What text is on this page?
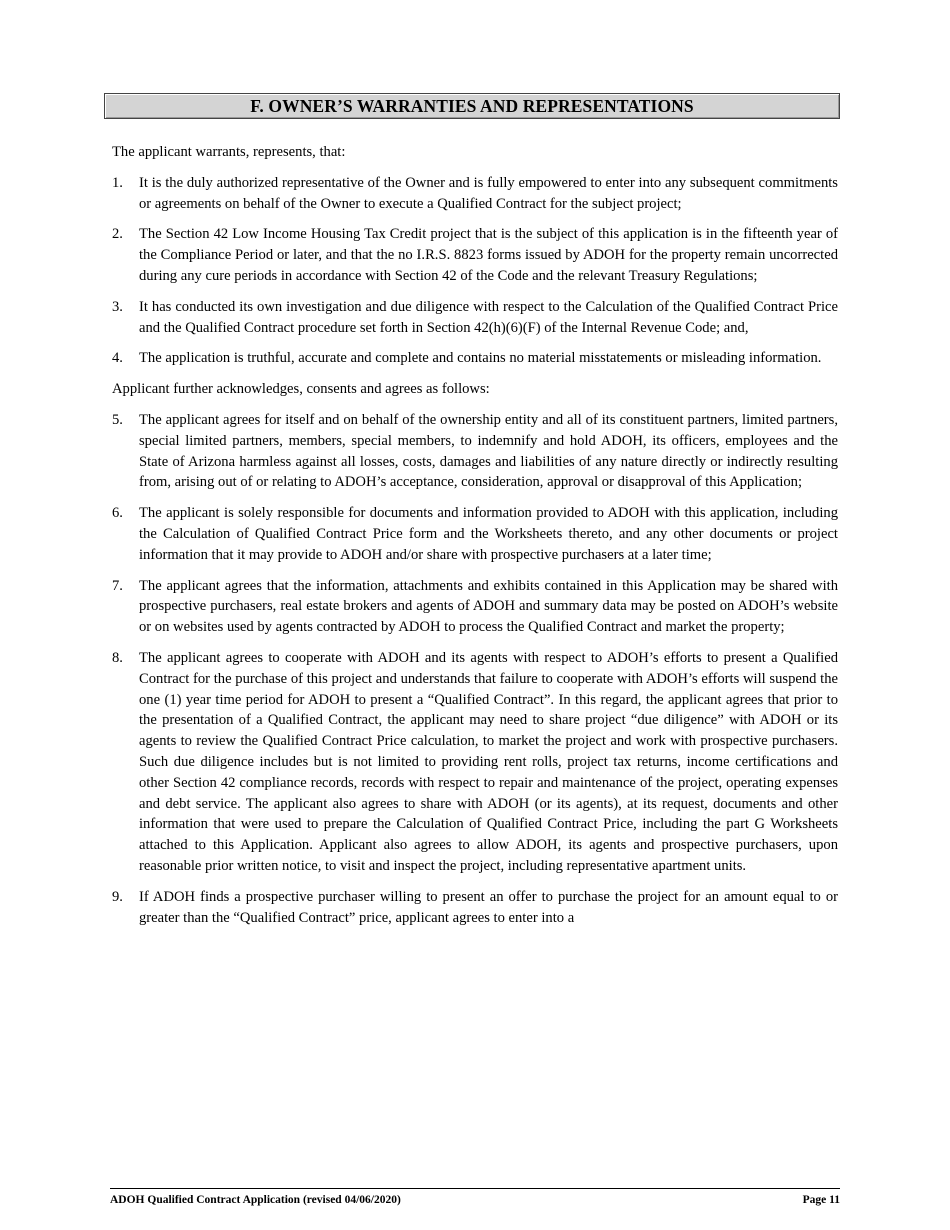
F. OWNER’S WARRANTIES AND REPRESENTATIONS

The applicant warrants, represents, that:

1. It is the duly authorized representative of the Owner and is fully empowered to enter into any subsequent commitments or agreements on behalf of the Owner to execute a Qualified Contract for the subject project;
2. The Section 42 Low Income Housing Tax Credit project that is the subject of this application is in the fifteenth year of the Compliance Period or later, and that the no I.R.S. 8823 forms issued by ADOH for the property remain uncorrected during any cure periods in accordance with Section 42 of the Code and the relevant Treasury Regulations;
3. It has conducted its own investigation and due diligence with respect to the Calculation of the Qualified Contract Price and the Qualified Contract procedure set forth in Section 42(h)(6)(F) of the Internal Revenue Code; and,
4. The application is truthful, accurate and complete and contains no material misstatements or misleading information.

Applicant further acknowledges, consents and agrees as follows:

5. The applicant agrees for itself and on behalf of the ownership entity and all of its constituent partners, limited partners, special limited partners, members, special members, to indemnify and hold ADOH, its officers, employees and the State of Arizona harmless against all losses, costs, damages and liabilities of any nature directly or indirectly resulting from, arising out of or relating to ADOH’s acceptance, consideration, approval or disapproval of this Application;
6. The applicant is solely responsible for documents and information provided to ADOH with this application, including the Calculation of Qualified Contract Price form and the Worksheets thereto, and any other documents or project information that it may provide to ADOH and/or share with prospective purchasers at a later time;
7. The applicant agrees that the information, attachments and exhibits contained in this Application may be shared with prospective purchasers, real estate brokers and agents of ADOH and summary data may be posted on ADOH’s website or on websites used by agents contracted by ADOH to process the Qualified Contract and market the property;
8. The applicant agrees to cooperate with ADOH and its agents with respect to ADOH’s efforts to present a Qualified Contract for the purchase of this project and understands that failure to cooperate with ADOH’s efforts will suspend the one (1) year time period for ADOH to present a “Qualified Contract”. In this regard, the applicant agrees that prior to the presentation of a Qualified Contract, the applicant may need to share project “due diligence” with ADOH or its agents to review the Qualified Contract Price calculation, to market the project and work with prospective purchasers. Such due diligence includes but is not limited to providing rent rolls, project tax returns, income certifications and other Section 42 compliance records, records with respect to repair and maintenance of the project, operating expenses and debt service. The applicant also agrees to share with ADOH (or its agents), at its request, documents and other information that were used to prepare the Calculation of Qualified Contract Price, including the part G Worksheets attached to this Application. Applicant also agrees to allow ADOH, its agents and prospective purchasers, upon reasonable prior written notice, to visit and inspect the project, including representative apartment units.
9. If ADOH finds a prospective purchaser willing to present an offer to purchase the project for an amount equal to or greater than the “Qualified Contract” price, applicant agrees to enter into a
ADOH Qualified Contract Application (revised 04/06/2020)	Page 11
